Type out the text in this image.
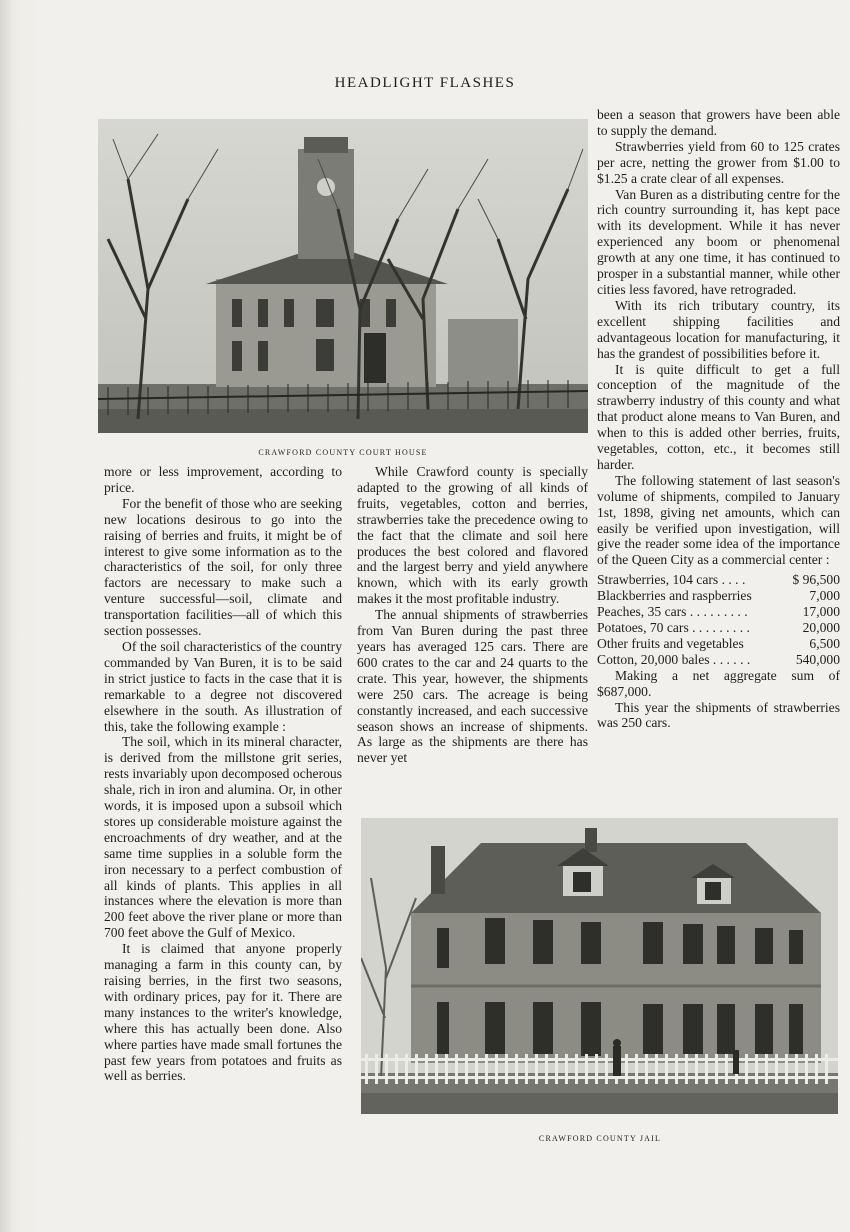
HEADLIGHT FLASHES
CRAWFORD COUNTY COURT HOUSE

more or less improvement, according to price.

For the benefit of those who are seeking new locations desirous to go into the raising of berries and fruits, it might be of interest to give some information as to the characteristics of the soil, for only three factors are necessary to make such a venture successful—soil, climate and transportation facilities—all of which this section possesses.

Of the soil characteristics of the country commanded by Van Buren, it is to be said in strict justice to facts in the case that it is remarkable to a degree not discovered elsewhere in the south. As illustration of this, take the following example :

The soil, which in its mineral character, is derived from the millstone grit series, rests invariably upon decomposed ocherous shale, rich in iron and alumina. Or, in other words, it is imposed upon a subsoil which stores up considerable moisture against the encroachments of dry weather, and at the same time supplies in a soluble form the iron necessary to a perfect combustion of all kinds of plants. This applies in all instances where the elevation is more than 200 feet above the river plane or more than 700 feet above the Gulf of Mexico.

It is claimed that anyone properly managing a farm in this county can, by raising berries, in the first two seasons, with ordinary prices, pay for it. There are many instances to the writer's knowledge, where this has actually been done. Also where parties have made small fortunes the past few years from potatoes and fruits as well as berries.

While Crawford county is specially adapted to the growing of all kinds of fruits, vegetables, cotton and berries, strawberries take the precedence owing to the fact that the climate and soil here produces the best colored and flavored and the largest berry and yield anywhere known, which with its early growth makes it the most profitable industry.

The annual shipments of strawberries from Van Buren during the past three years has averaged 125 cars. There are 600 crates to the car and 24 quarts to the crate. This year, however, the shipments were 250 cars. The acreage is being constantly increased, and each successive season shows an increase of shipments. As large as the shipments are there has never yet

been a season that growers have been able to supply the demand.

Strawberries yield from 60 to 125 crates per acre, netting the grower from $1.00 to $1.25 a crate clear of all expenses.

Van Buren as a distributing centre for the rich country surrounding it, has kept pace with its development. While it has never experienced any boom or phenomenal growth at any one time, it has continued to prosper in a substantial manner, while other cities less favored, have retrograded.

With its rich tributary country, its excellent shipping facilities and advantageous location for manufacturing, it has the grandest of possibilities before it.

It is quite difficult to get a full conception of the magnitude of the strawberry industry of this county and what that product alone means to Van Buren, and when to this is added other berries, fruits, vegetables, cotton, etc., it becomes still harder.

The following statement of last season's volume of shipments, compiled to January 1st, 1898, giving net amounts, which can easily be verified upon investigation, will give the reader some idea of the importance of the Queen City as a commercial center :

Strawberries, 104 cars . . . .	$ 96,500
Blackberries and raspberries	7,000
Peaches, 35 cars . . . . . . . . .	17,000
Potatoes, 70 cars . . . . . . . . .	20,000
Other fruits and vegetables	6,500
Cotton, 20,000 bales . . . . . .	540,000

Making a net aggregate sum of $687,000.

This year the shipments of strawberries was 250 cars.

CRAWFORD COUNTY JAIL
